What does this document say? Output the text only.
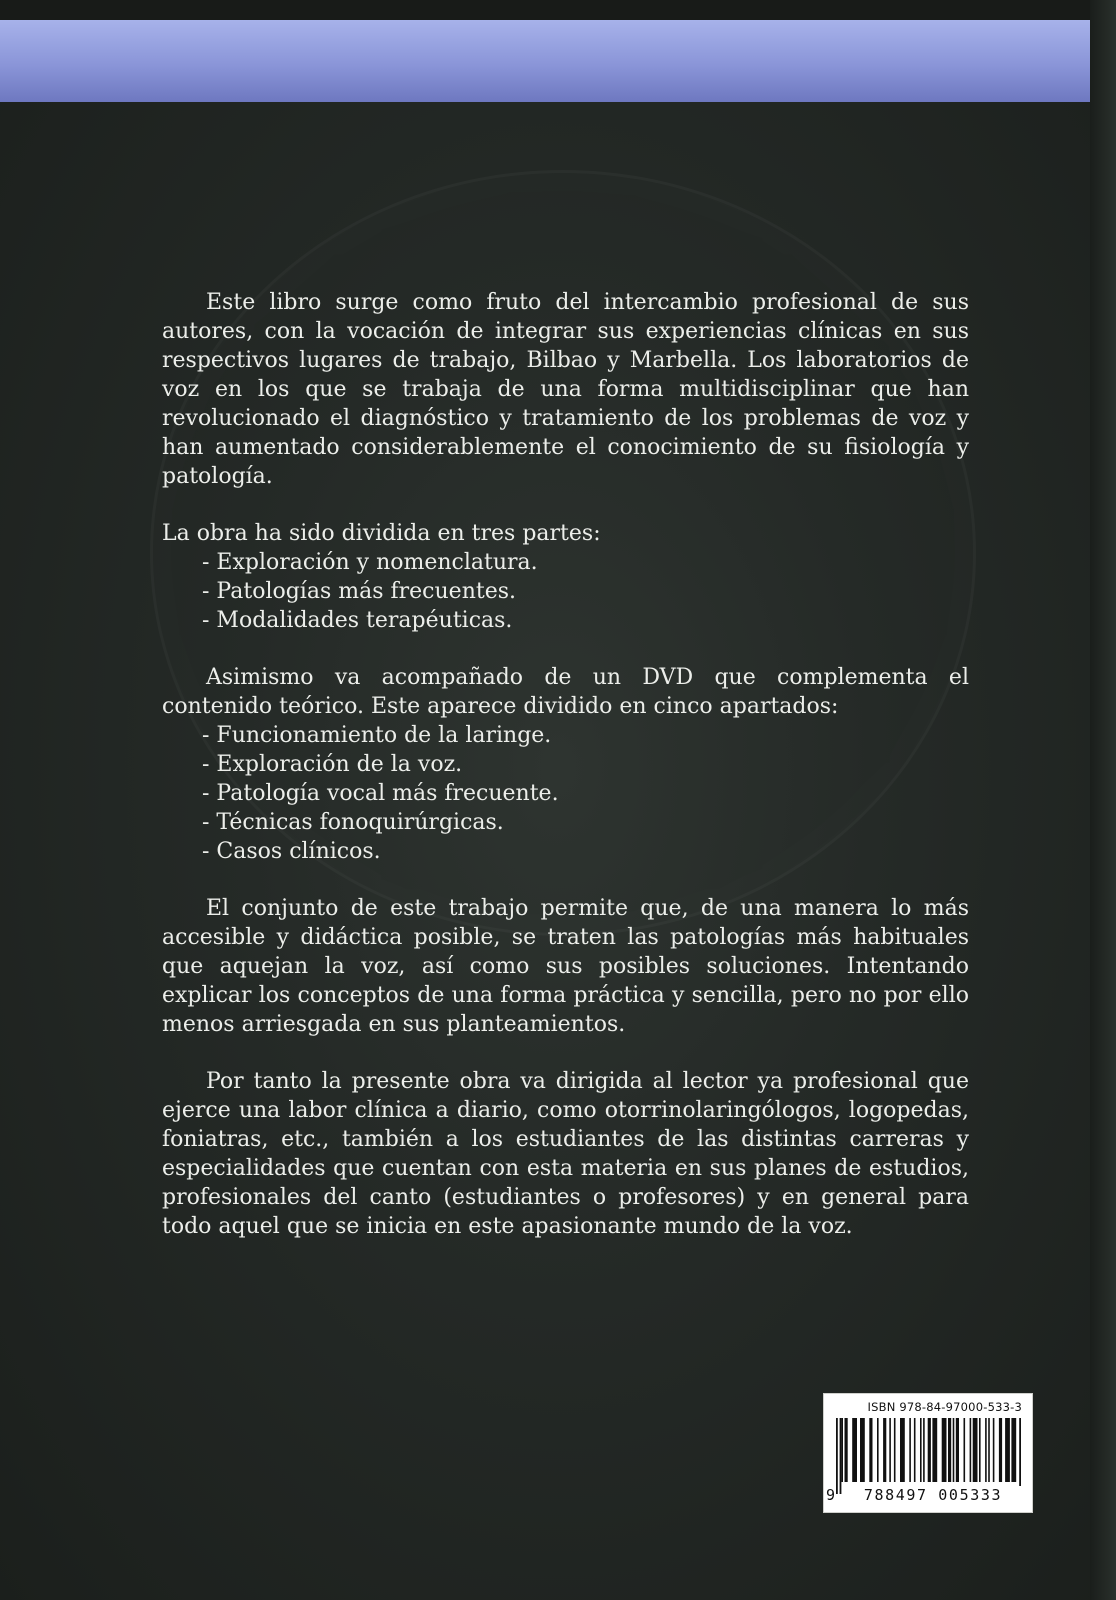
Este libro surge como fruto del intercambio profesional de sus autores, con la vocación de integrar sus experiencias clínicas en sus respectivos lugares de trabajo, Bilbao y Marbella. Los laboratorios de voz en los que se trabaja de una forma multidisciplinar que han revolucionado el diagnóstico y tratamiento de los problemas de voz y han aumentado considerablemente el conocimiento de su fisiología y patología.

La obra ha sido dividida en tres partes:

- Exploración y nomenclatura.
- Patologías más frecuentes.
- Modalidades terapéuticas.

Asimismo va acompañado de un DVD que complementa el contenido teórico. Este aparece dividido en cinco apartados:

- Funcionamiento de la laringe.
- Exploración de la voz.
- Patología vocal más frecuente.
- Técnicas fonoquirúrgicas.
- Casos clínicos.

El conjunto de este trabajo permite que, de una manera lo más accesible y didáctica posible, se traten las patologías más habituales que aquejan la voz, así como sus posibles soluciones. Intentando explicar los conceptos de una forma práctica y sencilla, pero no por ello menos arriesgada en sus planteamientos.

Por tanto la presente obra va dirigida al lector ya profesional que ejerce una labor clínica a diario, como otorrinolaringólogos, logopedas, foniatras, etc., también a los estudiantes de las distintas carreras y especialidades que cuentan con esta materia en sus planes de estudios, profesionales del canto (estudiantes o profesores) y en general para todo aquel que se inicia en este apasionante mundo de la voz.

ISBN 978-84-97000-533-3
9	788497 005333
